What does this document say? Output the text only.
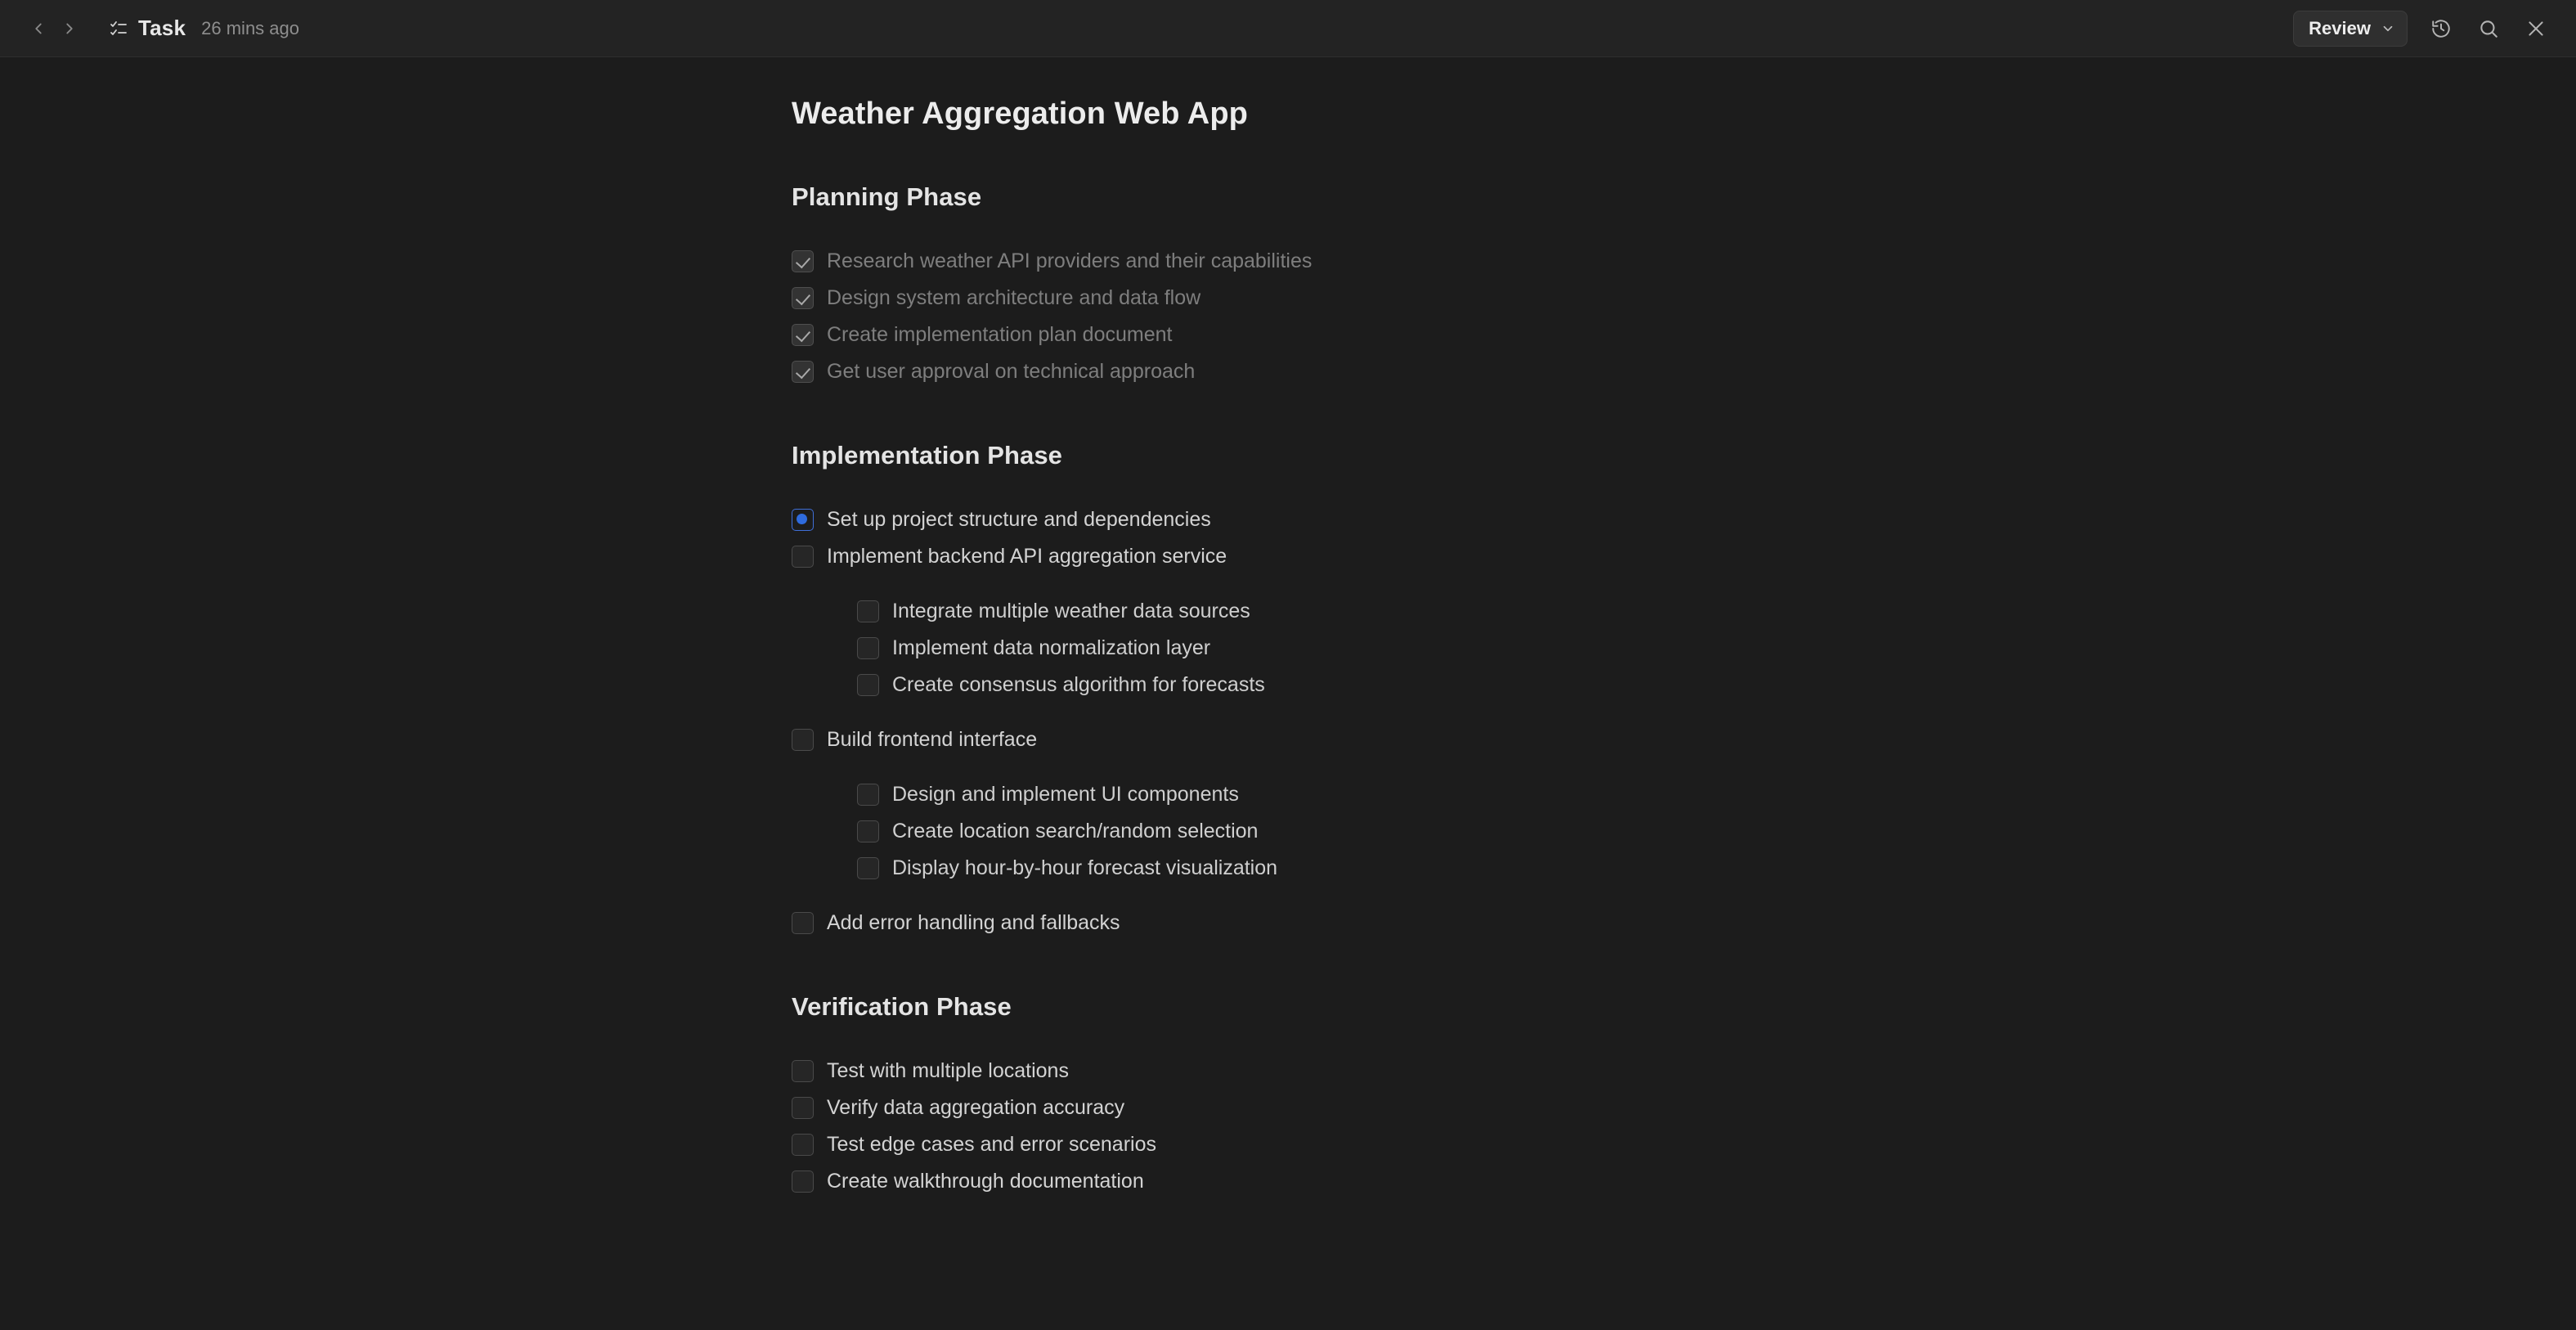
Task 26 mins ago	Review
Weather Aggregation Web App
Planning Phase
Research weather API providers and their capabilities
Design system architecture and data flow
Create implementation plan document
Get user approval on technical approach
Implementation Phase
Set up project structure and dependencies
Implement backend API aggregation service
Integrate multiple weather data sources
Implement data normalization layer
Create consensus algorithm for forecasts
Build frontend interface
Design and implement UI components
Create location search/random selection
Display hour-by-hour forecast visualization
Add error handling and fallbacks
Verification Phase
Test with multiple locations
Verify data aggregation accuracy
Test edge cases and error scenarios
Create walkthrough documentation
